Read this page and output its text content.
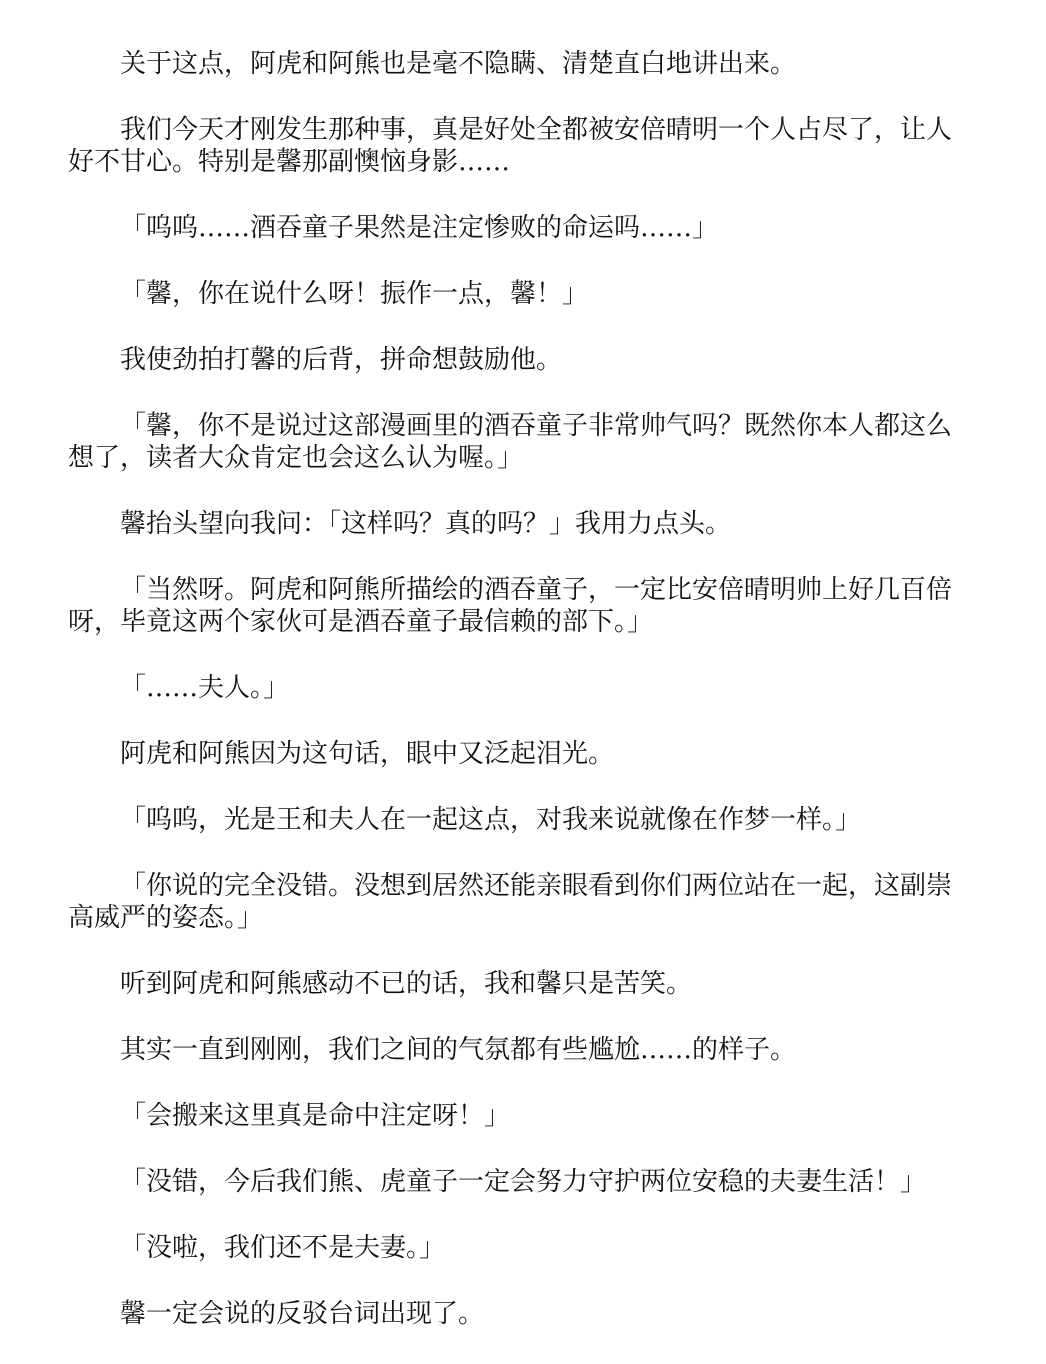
关于这点，阿虎和阿熊也是毫不隐瞒、清楚直白地讲出来。

我们今天才刚发生那种事，真是好处全都被安倍晴明一个人占尽了，让人好不甘心。特别是馨那副懊恼身影……

「呜呜……酒吞童子果然是注定惨败的命运吗……」

「馨，你在说什么呀！振作一点，馨！」

我使劲拍打馨的后背，拼命想鼓励他。

「馨，你不是说过这部漫画里的酒吞童子非常帅气吗？既然你本人都这么想了，读者大众肯定也会这么认为喔。」

馨抬头望向我问：「这样吗？真的吗？」我用力点头。

「当然呀。阿虎和阿熊所描绘的酒吞童子，一定比安倍晴明帅上好几百倍呀，毕竟这两个家伙可是酒吞童子最信赖的部下。」

「……夫人。」

阿虎和阿熊因为这句话，眼中又泛起泪光。

「呜呜，光是王和夫人在一起这点，对我来说就像在作梦一样。」

「你说的完全没错。没想到居然还能亲眼看到你们两位站在一起，这副崇高威严的姿态。」

听到阿虎和阿熊感动不已的话，我和馨只是苦笑。

其实一直到刚刚，我们之间的气氛都有些尴尬……的样子。

「会搬来这里真是命中注定呀！」

「没错，今后我们熊、虎童子一定会努力守护两位安稳的夫妻生活！」

「没啦，我们还不是夫妻。」

馨一定会说的反驳台词出现了。
